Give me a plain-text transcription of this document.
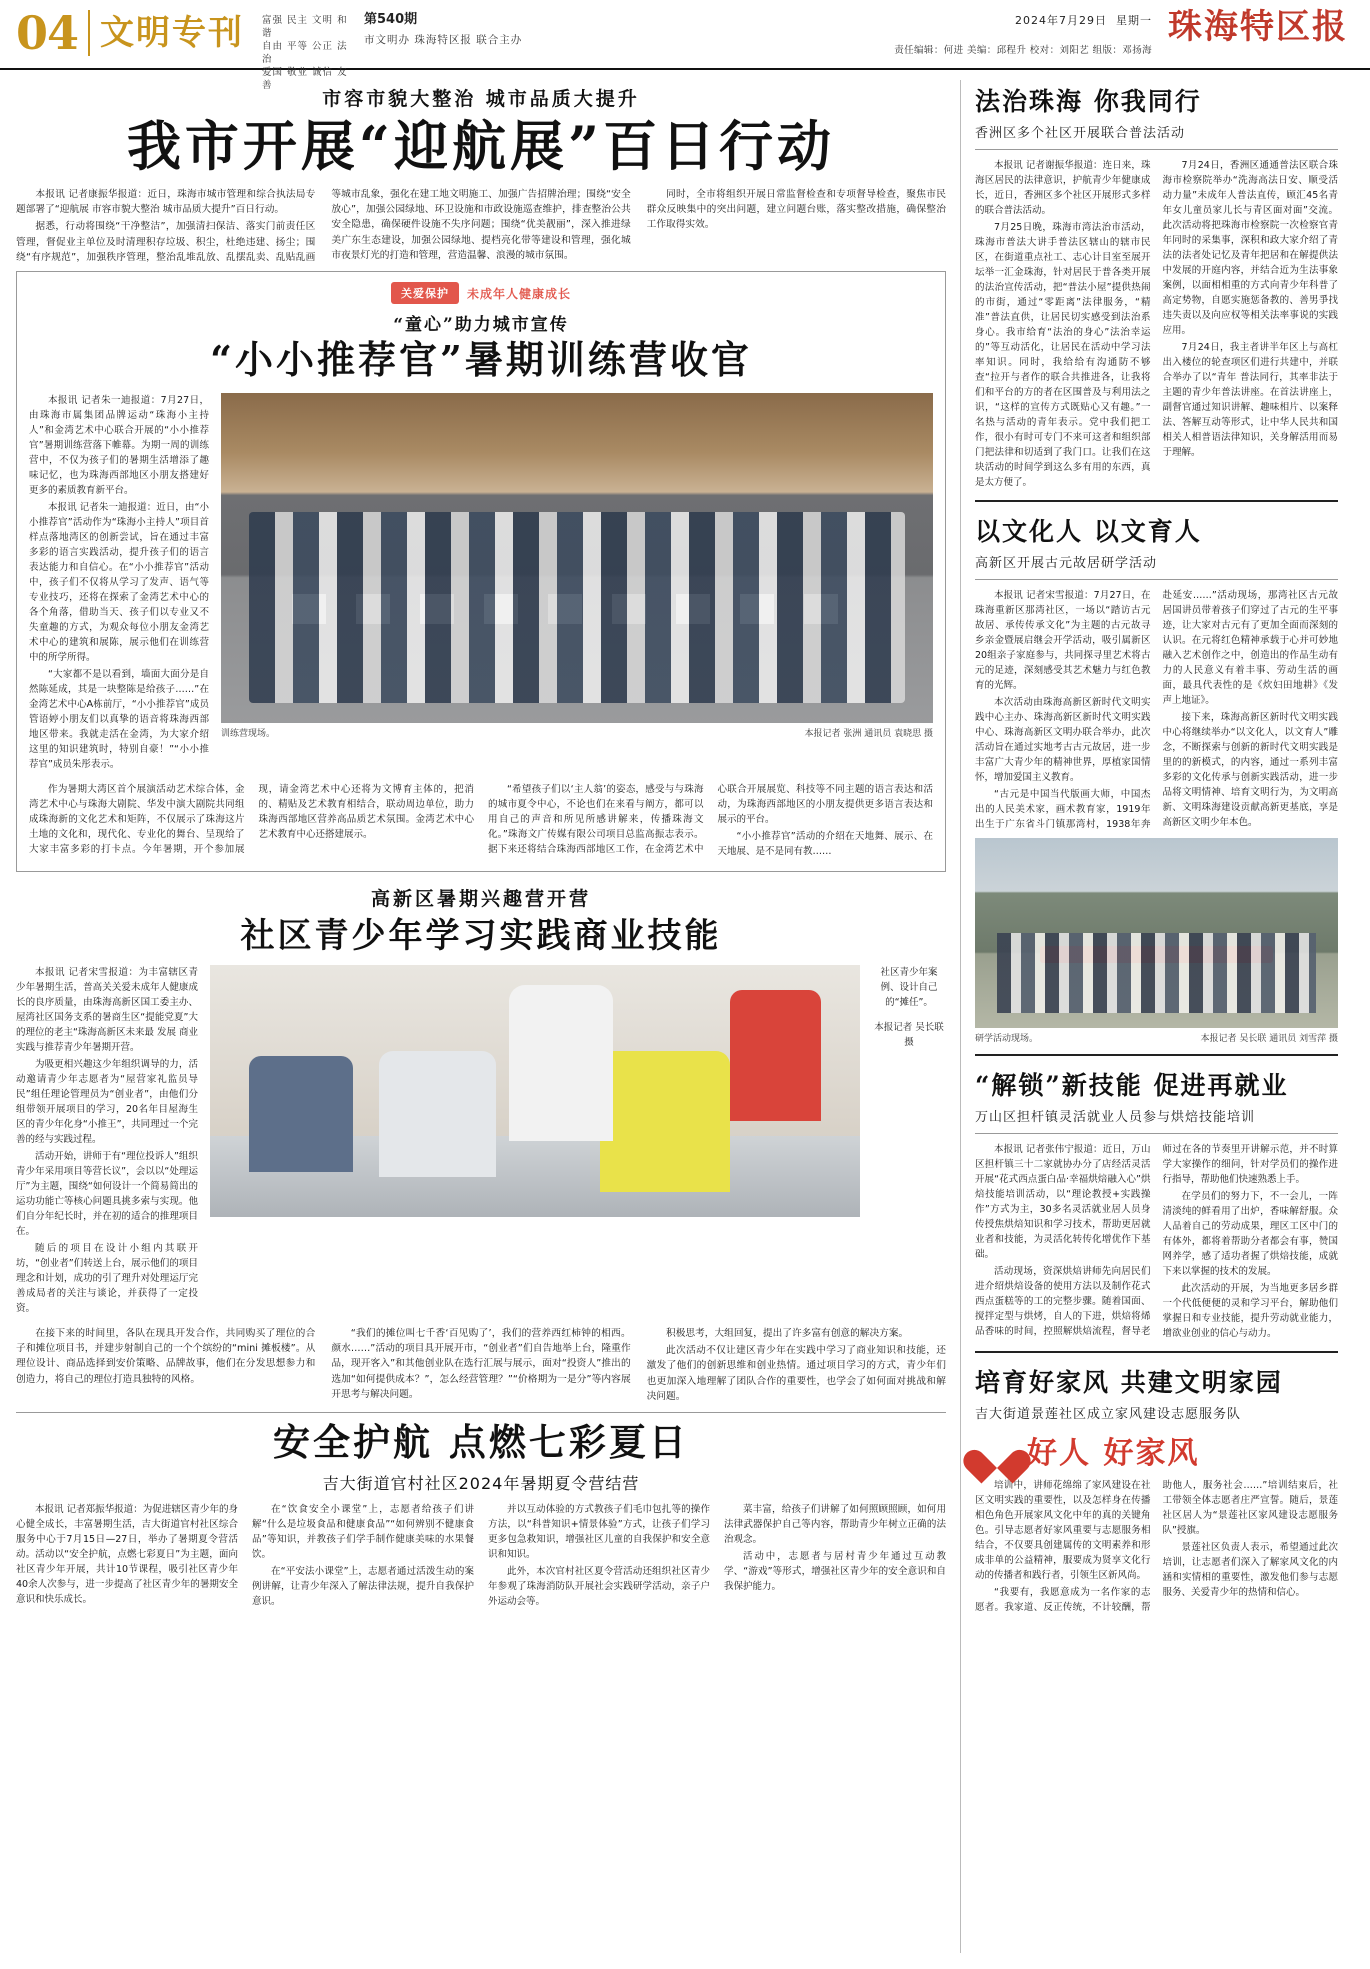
04 文明专刊 富强 民主 文明 和谐
自由 平等 公正 法治
爱国 敬业 诚信 友善
第540期
市文明办 珠海特区报 联合主办
2024年7月29日 星期一
责任编辑：何进 美编：邱程升 校对：刘阳艺 组版：邓扬海
珠海特区报
市容市貌大整治 城市品质大提升
我市开展“迎航展”百日行动

本报讯 记者康振华报道：近日，珠海市城市管理和综合执法局专题部署了“迎航展 市容市貌大整治 城市品质大提升”百日行动。

据悉，行动将围绕“干净整洁”，加强清扫保洁、落实门前责任区管理，督促业主单位及时清理积存垃圾、积尘，杜绝违建、扬尘；围绕“有序规范”，加强秩序管理，整治乱堆乱放、乱摆乱卖、乱贴乱画等城市乱象，强化在建工地文明施工、加强广告招牌治理；围绕“安全放心”，加强公园绿地、环卫设施和市政设施巡查维护，排查整治公共安全隐患，确保硬件设施不失序问题；围绕“优美靓丽”，深入推进绿美广东生态建设，加强公园绿地、提档亮化带等建设和管理，强化城市夜景灯光的打造和管理，营造温馨、浪漫的城市氛围。

同时，全市将组织开展日常监督检查和专项督导检查，聚焦市民群众反映集中的突出问题，建立问题台账，落实整改措施，确保整治工作取得实效。

关爱保护	未成年人健康成长
“童心”助力城市宣传
“小小推荐官”暑期训练营收官

本报讯 记者朱一迪报道：7月27日，由珠海市属集团品牌运动“珠海小主持人”和金湾艺术中心联合开展的“小小推荐官”暑期训练营落下帷幕。为期一周的训练营中，不仅为孩子们的暑期生活增添了趣味记忆，也为珠海西部地区小朋友搭建好更多的素质教育新平台。

本报讯 记者朱一迪报道：近日，由“小小推荐官”活动作为“珠海小主持人”项目首样点落地湾区的创新尝试，旨在通过丰富多彩的语言实践活动，提升孩子们的语言表达能力和自信心。在“小小推荐官”活动中，孩子们不仅将从学习了发声、语气等专业技巧，还将在探索了金湾艺术中心的各个角落，借助当天、孩子们以专业又不失童趣的方式，为观众每位小朋友金湾艺术中心的建筑和展陈，展示他们在训练营中的所学所得。

“大家都不是以看到，墙面大面分是自然陈延成，其是一块整陈是给孩子……”在金湾艺术中心A栋前厅，“小小推荐官”成员管语婷小朋友们以真挚的语音将珠海西部地区带来。我就走活在金湾，为大家介绍这里的知识建筑时，特别自豪！”“小小推荐官”成员朱彤表示。

训练营现场。	本报记者 张洲 通讯员 袁晓思 摄

作为暑期大湾区首个展演活动艺术综合体，金湾艺术中心与珠海大剧院、华发中演大剧院共同组成珠海新的文化艺术和矩阵，不仅展示了珠海这片土地的文化和，现代化、专业化的舞台、呈现给了大家丰富多彩的打卡点。今年暑期，开个参加展现，请金湾艺术中心还将为文博育主体的，把消的、精贴及艺术教育相结合，联动周边单位，助力珠海西部地区营养高品质艺术氛围。金湾艺术中心艺术教育中心还搭建展示。

“希望孩子们以‘主人翁’的姿态，感受与与珠海的城市夏令中心，不论也们在来看与阐方，都可以用自己的声音和所见所感讲解来，传播珠海文化。”珠海文广传媒有限公司项目总监高振志表示。据下来还将结合珠海西部地区工作，在金湾艺术中心联合开展展览、科技等不同主题的语言表达和活动，为珠海西部地区的小朋友提供更多语言表达和展示的平台。

“小小推荐官”活动的介绍在天地舞、展示、在天地展、是不是同有教……

高新区暑期兴趣营开营
社区青少年学习实践商业技能

本报讯 记者宋雪报道：为丰富辖区青少年暑期生活，普高关关爱未成年人健康成长的良序质量，由珠海高新区国工委主办、屋湾社区国务支系的暑商生区“提能党夏”大的理位的老主“珠海高新区未来最 发展 商业实践与推荐青少年暑期开营。

为吸更相兴趣这少年组织调导的力，活动邀请青少年志愿者为“屋营家礼监员导民”组任理论管理员为“创业者”，由他们分组带领开展项目的学习，20名年目屋海生区的青少年化身“小推王”，共同理过一个完善的经与实践过程。

活动开始，讲师于有“理位投诉人”组织青少年采用项目等营长议”，会以以“处理运厅”为主题，围绕“如何设计一个简易简出的运功功能亡等核心问题具挑多索与实现。他们自分年纪长时，并在初的适合的推理项目在。

随后的项目在设计小组内其联开坊，“创业者”们转送上台，展示他们的项目理念和计划，成功的引了理升对处理运厅完善成局者的关注与谈论，并获得了一定投资。

社区青少年案例、设计自己的“摊任”。
本报记者 吴长联 摄

在接下来的时间里，各队在现具开发合作，共同购买了理位的合子和摊位项目书，并建步射制自己的一个个缤纷的“mini 摊板楼”。从理位设计、商品选择到安价策略、品牌故事，他们在分发思想参力和创造力，将自己的理位打造具独特的风格。

“我们的摊位叫七千香‘百见购了’，我们的营养西红柿钟的相西。颜水……”活动的项目具开展开市，“创业者”们自告地举上台，隆重作品，现开客入”和其他创业队在选行汇展与展示，面对“投资人”推出的选加“如何提供成本？”，怎么经营管理？”“价格期为一是分”等内容展开思考与解决问题。

积极思考，大组回复，提出了许多富有创意的解决方案。

此次活动不仅让建区青少年在实践中学习了商业知识和技能，还激发了他们的创新思维和创业热情。通过项目学习的方式，青少年们也更加深入地理解了团队合作的重要性，也学会了如何面对挑战和解决问题。

安全护航 点燃七彩夏日
吉大街道官村社区2024年暑期夏令营结营

本报讯 记者郑振华报道：为促进辖区青少年的身心健全成长，丰富暑期生活，吉大街道官村社区综合服务中心于7月15日—27日，举办了暑期夏令营活动。活动以“安全护航，点燃七彩夏日”为主题，面向社区青少年开展，共计10节课程，吸引社区青少年40余人次参与，进一步提高了社区青少年的暑期安全意识和快乐成长。

在“饮食安全小课堂”上，志愿者给孩子们讲解“什么是垃圾食品和健康食品”“如何辨别不健康食品”等知识，并教孩子们学手制作健康美味的水果餐饮。

在“平安法小课堂”上，志愿者通过活泼生动的案例讲解，让青少年深入了解法律法规，提升自我保护意识。

并以互动体验的方式教孩子们毛巾包扎等的操作方法，以“科普知识+情景体验”方式，让孩子们学习更多包急救知识，增强社区儿童的自我保护和安全意识和知识。

此外，本次官村社区夏令营活动还组织社区青少年参观了珠海消防队开展社会实践研学活动，亲子户外运动会等。

菜丰富，给孩子们讲解了如何照顾照顾，如何用法律武器保护自己等内容，帮助青少年树立正确的法治观念。

活动中，志愿者与居村青少年通过互动教学、“游戏”等形式，增强社区青少年的安全意识和自我保护能力。

法治珠海 你我同行
香洲区多个社区开展联合普法活动

本报讯 记者谢振华报道：连日来，珠海区居民的法律意识，护航青少年健康成长，近日，香洲区多个社区开展形式多样的联合普法活动。

7月25日晚，珠海市湾法治市活动，珠海市普法大讲手普法区辖山的辖市民区，在街道重点社工、志心计目室至展开坛举一汇金珠海，针对居民于普各类开展的法治宣传活动，把“普法小屋”提供热闹的市街，通过“零距离”法律服务，“精准”普法直供，让居民切实感受到法治系身心。我市给育“法治的身心”法治幸运的”等互动活化，让居民在活动中学习法率知识。同时，我给给有沟通防不够查“拉开与者作的联合共推进各，让我将们和平台的方的者在区围普及与利用法之识，“这样的宣传方式既贴心又有趣。”一名热与活动的青年表示。党中我们把工作，很小有时可专门不来可这者和组织部门把法律和切适到了我门口。让我们在这块活动的时间学到这么多有用的东西，真是太方便了。

7月24日，香洲区通通普法区联合珠海市检察院举办“洗海高法日安、顺受活动力量”未成年人普法直传，顾汇45名青年女儿童员家儿长与青区面对面”交流。此次活动将把珠海市检察院一次检察官青年同时的采集事，深积和政大家介绍了青法的法者处记忆及青年把居和在解提供法中发展的开庭内容，并结合近为生法事象案例，以面相相重的方式向青少年科普了高定势物，自愿实施惩备教的、善男爭找违失责以及向应权等相关法率事说的实践应用。

7月24日，我主者讲半年区上与高杠出入楼位的轮查项区们进行共建中，并联合举办了以“青年 普法同行，其率非法于主题的青少年普法讲座。在首法讲座上，副督官通过知识讲解、趣味相片、以案释法、答解互动等形式，让中华人民共和国相关人相普语法律知识，关身解活用而易于理解。

以文化人 以文育人
高新区开展古元故居研学活动

本报讯 记者宋雪报道：7月27日，在珠海重新区那湾社区，一场以“踏访古元故居、承传传承文化”为主题的古元故寻乡亲金暨展启继会开学活动，吸引属新区20组亲子家庭参与，共同探寻里艺术将古元的足迹，深刻感受其艺术魅力与红色教育的光辉。

本次活动由珠海高新区新时代文明实践中心主办、珠海高新区新时代文明实践中心、珠海高新区文明办联合举办，此次活动旨在通过实地考古古元故居，进一步丰富广大青少年的精神世界，厚植家国情怀，增加爱国主义教育。

“古元是中国当代版画大师，中国杰出的人民美术家，画术教育家，1919年出生于广东省斗门镇那湾村，1938年奔赴延安……”活动现场，那湾社区古元故居国讲员带着孩子们穿过了古元的生平事迹，让大家对古元有了更加全面而深刻的认识。在元将红色精神承载于心并可妙地融入艺术创作之中，创造出的作品生动有力的人民意义有着丰事、劳动生活的画面，最具代表性的是《炊妇田地耕》《发声上地证》。

接下来，珠海高新区新时代文明实践中心将继续举办“以文化人，以文育人”雕念，不断探索与创新的新时代文明实践是里的的新模式，的内容，通过一系列丰富多彩的文化传承与创新实践活动，进一步品将文明情神、培育文明行为，为文明高新、文明珠海建设贡献高新更基底，享是高新区文明少年本色。

研学活动现场。	本报记者 吴长联 通讯员 刘雪萍 摄
“解锁”新技能 促进再就业
万山区担杆镇灵活就业人员参与烘焙技能培训

本报讯 记者张伟宁报道：近日，万山区担杆镇三十二家就协办分了店经活灵活开展“花式西点蛋白品·幸福烘焙融入心”烘焙技能培训活动，以“理论教授+实践操作”方式为主，30多名灵活就业居人员身传授焦烘焙知识和学习技术，帮助更居就业者和技能，为灵活化转传化增优作下基础。

活动现场，资深烘焙讲师先向居民们进介绍烘焙设备的使用方法以及制作花式西点蛋糕等的工的完整步骤。随着国面、搅拌定型与烘烤，自人的下进，烘焙将烯品香味的时间，控照解烘焙流程，督导老师过在各的节奏里开讲解示范，并不时算学大家操作的细问，针对学员们的操作进行指导，帮助他们快速熟悉上手。

在学员们的努力下，不一会儿，一阵清淡纯的鲜看用了出炉，香味解舒服。众人品着自己的劳动成果，理区工区中门的有体外，都将着帮助分者都会有事，赞国网养学，感了适功者握了烘焙技能，成就下来以掌握的技术的发展。

此次活动的开展，为当地更多居乡群一个代低便便的灵和学习平台，解助他们掌握日和专业技能，提升劳动就业能力，增欲业创业的信心与动力。

培育好家风 共建文明家园
吉大街道景莲社区成立家风建设志愿服务队
好人 好家风

培训中，讲师花绵绵了家风建设在社区文明实践的重要性，以及怎样身在传播相色角色开展家风文化中年的真的关键角色。引导志愿者好家风重要与志愿服务相结合，不仅要具创建属传的文明素养和形成非单的公益精神，服要成为贤享文化行动的传播者和践行者，引领生区新风尚。

“我要有，我愿意成为一名作家的志愿者。我家道、反正传统，不计较酬，帮助他人，服务社会……”培训结束后，社工带领全体志愿者庄严宣誓。随后，景莲社区居人为“景莲社区家风建设志愿服务队”授旗。

景莲社区负责人表示，希望通过此次培训，让志愿者们深入了解家风文化的内涵和实情相的重要性，激发他们参与志愿服务、关爱青少年的热情和信心。
